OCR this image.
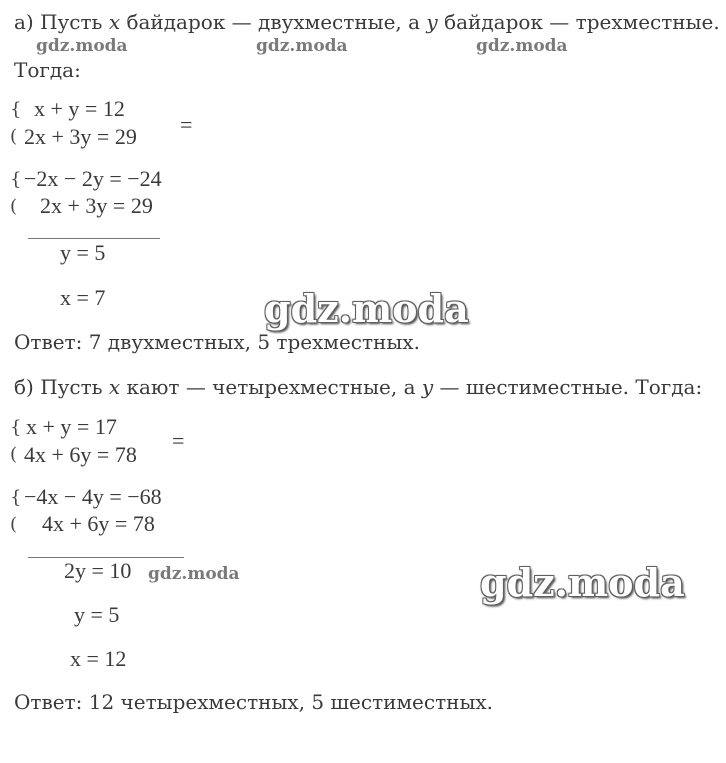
а) Пусть x байдарок — двухместные, а y байдарок — трехместные.
Тогда:
{
(
x + y = 12
2x + 3y = 29 =
{
(
−2x − 2y = −24
2x + 3y = 29
y = 5
x = 7	gdz.moda
Ответ: 7 двухместных, 5 трехместных.
б) Пусть x кают — четырехместные, а y — шестиместные. Тогда:
{
(
x + y = 17
4x + 6y = 78
=
{
(
−4x − 4y = −68
4x + 6y = 78
2y = 10 gdz.moda	gdz.moda
y = 5
x = 12
Ответ: 12 четырехместных, 5 шестиместных.
gdz.moda	gdz.moda	gdz.moda
